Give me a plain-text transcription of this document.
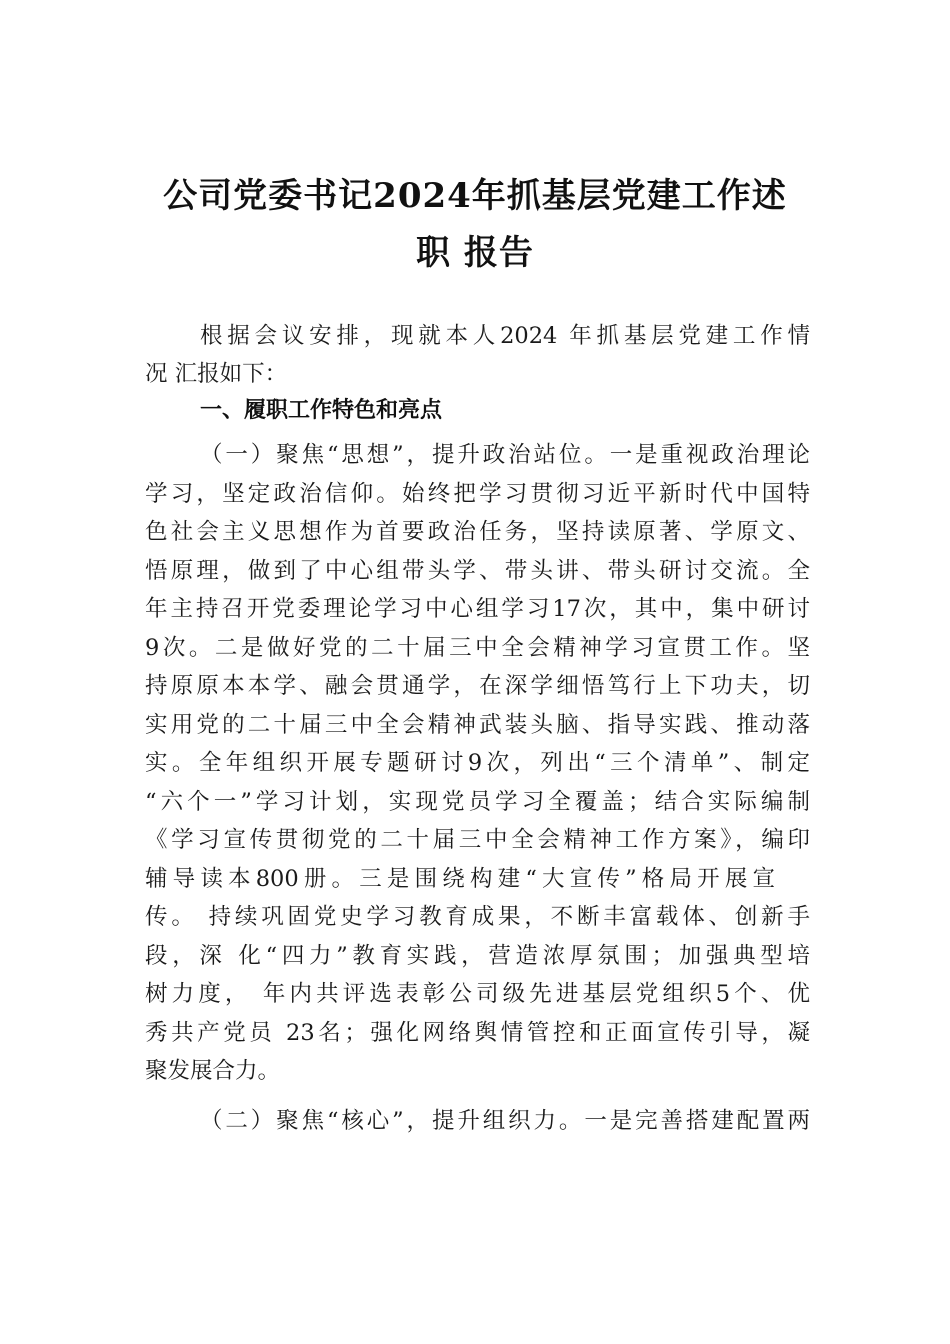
公司党委书记2024年抓基层党建工作述
职 报告
根据会议安排，现就本人2024 年抓基层党建工作情
况 汇报如下：
一、履职工作特色和亮点
（一）聚焦“思想”，提升政治站位。一是重视政治理论
学习，坚定政治信仰。始终把学习贯彻习近平新时代中国特
色社会主义思想作为首要政治任务，坚持读原著、学原文、
悟原理，做到了中心组带头学、带头讲、带头研讨交流。全
年主持召开党委理论学习中心组学习17次，其中，集中研讨
9次。二是做好党的二十届三中全会精神学习宣贯工作。坚
持原原本本学、融会贯通学，在深学细悟笃行上下功夫，切
实用党的二十届三中全会精神武装头脑、指导实践、推动落
实。全年组织开展专题研讨9次，列出“三个清单”、制定
“六个一”学习计划，实现党员学习全覆盖；结合实际编制
《学习宣传贯彻党的二十届三中全会精神工作方案》，编印
辅导读本800册。三是围绕构建“大宣传”格局开展宣
传。 持续巩固党史学习教育成果，不断丰富载体、创新手
段，深 化“四力”教育实践，营造浓厚氛围；加强典型培
树力度， 年内共评选表彰公司级先进基层党组织5个、优
秀共产党员 23名；强化网络舆情管控和正面宣传引导，凝
聚发展合力。
（二）聚焦“核心”，提升组织力。一是完善搭建配置两
